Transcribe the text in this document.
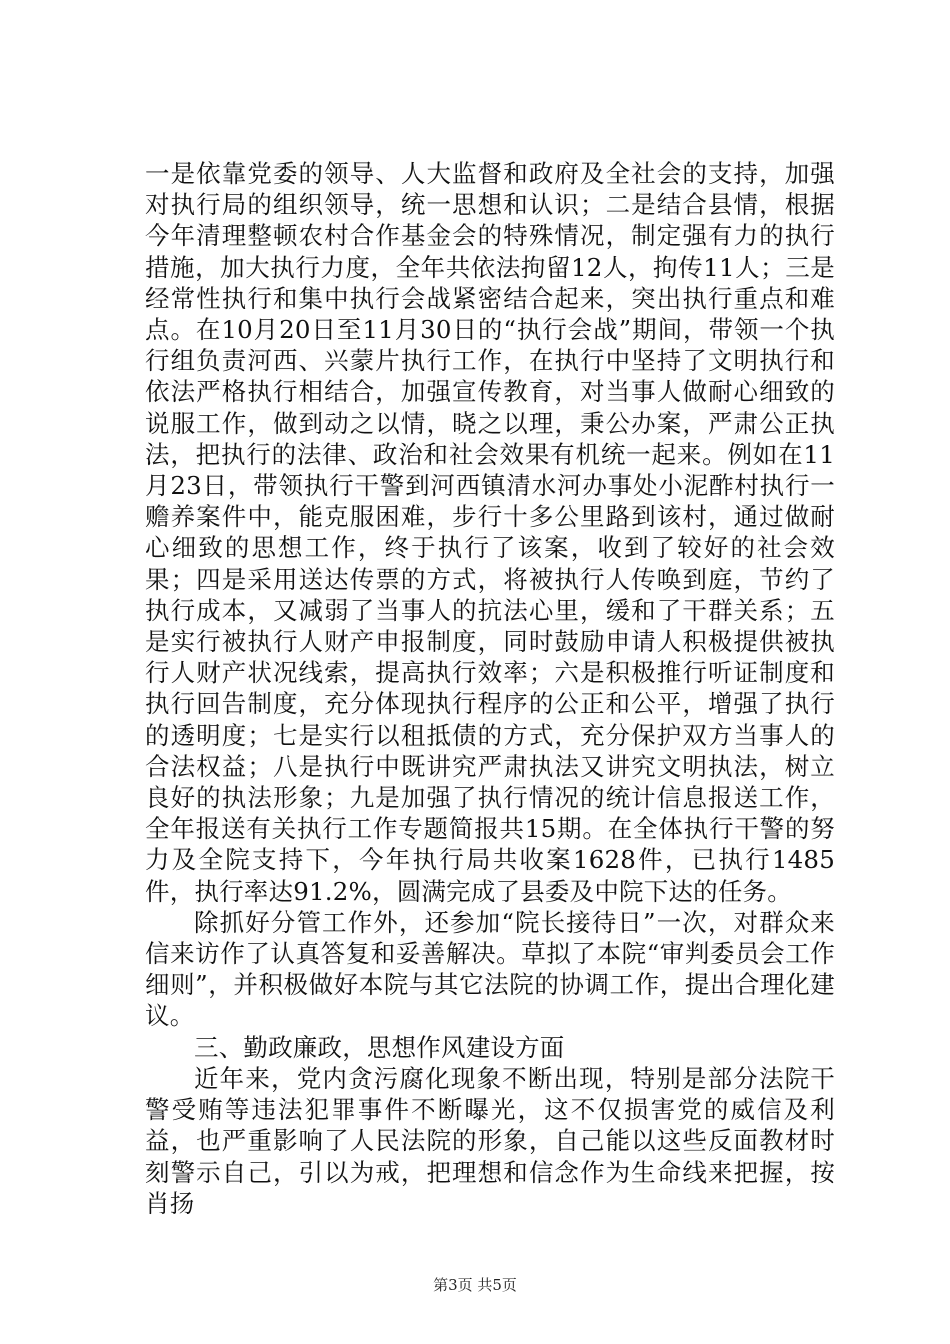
一是依靠党委的领导、人大监督和政府及全社会的支持，加强对执行局的组织领导，统一思想和认识；二是结合县情，根据今年清理整顿农村合作基金会的特殊情况，制定强有力的执行措施，加大执行力度，全年共依法拘留12人，拘传11人；三是经常性执行和集中执行会战紧密结合起来，突出执行重点和难点。在10月20日至11月30日的“执行会战”期间，带领一个执行组负责河西、兴蒙片执行工作，在执行中坚持了文明执行和依法严格执行相结合，加强宣传教育，对当事人做耐心细致的说服工作，做到动之以情，晓之以理，秉公办案，严肃公正执法，把执行的法律、政治和社会效果有机统一起来。例如在11月23日，带领执行干警到河西镇清水河办事处小泥酢村执行一赡养案件中，能克服困难，步行十多公里路到该村，通过做耐心细致的思想工作，终于执行了该案，收到了较好的社会效果；四是采用送达传票的方式，将被执行人传唤到庭，节约了执行成本，又减弱了当事人的抗法心里，缓和了干群关系；五是实行被执行人财产申报制度，同时鼓励申请人积极提供被执行人财产状况线索，提高执行效率；六是积极推行听证制度和执行回告制度，充分体现执行程序的公正和公平，增强了执行的透明度；七是实行以租抵债的方式，充分保护双方当事人的合法权益；八是执行中既讲究严肃执法又讲究文明执法，树立良好的执法形象；九是加强了执行情况的统计信息报送工作，全年报送有关执行工作专题简报共15期。在全体执行干警的努力及全院支持下，今年执行局共收案1628件，已执行1485件，执行率达91.2%，圆满完成了县委及中院下达的任务。

除抓好分管工作外，还参加“院长接待日”一次，对群众来信来访作了认真答复和妥善解决。草拟了本院“审判委员会工作细则”，并积极做好本院与其它法院的协调工作，提出合理化建议。

三、勤政廉政，思想作风建设方面

近年来，党内贪污腐化现象不断出现，特别是部分法院干警受贿等违法犯罪事件不断曝光，这不仅损害党的威信及利益，也严重影响了人民法院的形象，自己能以这些反面教材时刻警示自己，引以为戒，把理想和信念作为生命线来把握，按肖扬

第3页 共5页
